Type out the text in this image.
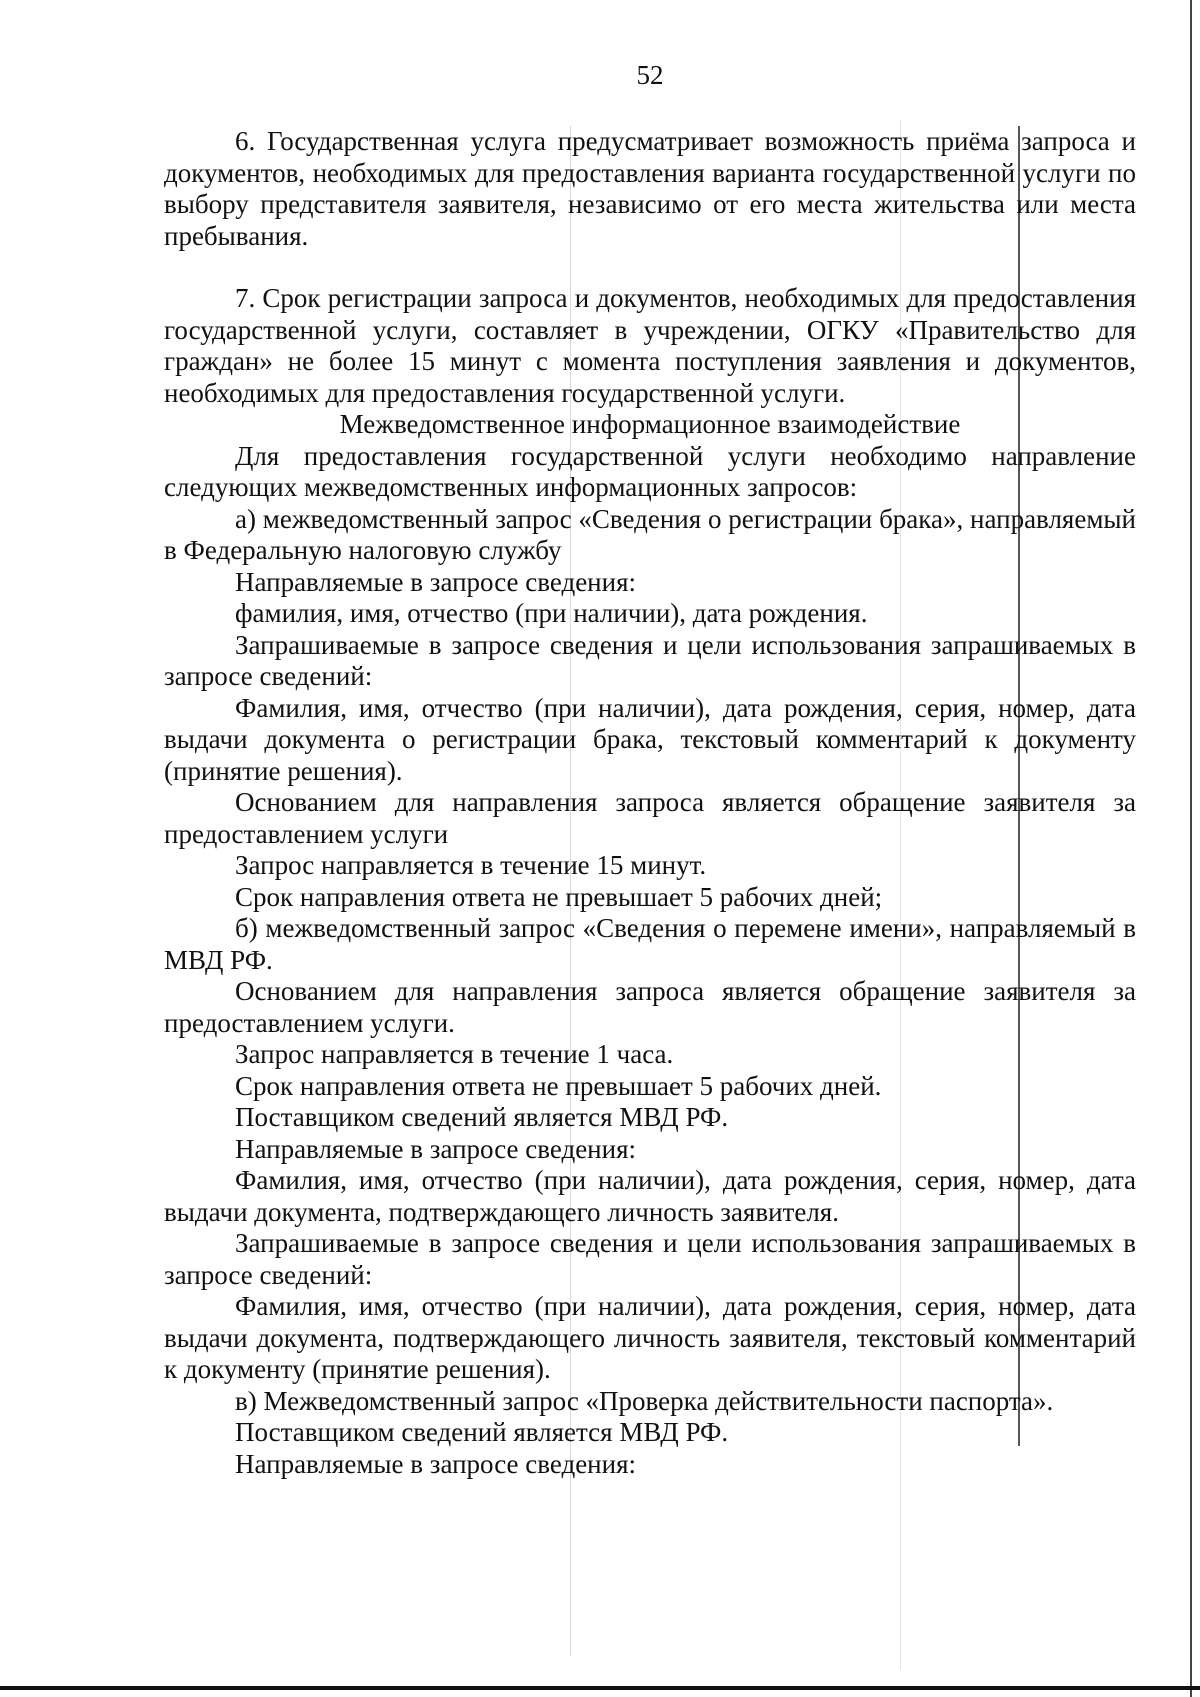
52

6. Государственная услуга предусматривает возможность приёма запроса и документов, необходимых для предоставления варианта государственной услуги по выбору представителя заявителя, независимо от его места жительства или места пребывания.

7. Срок регистрации запроса и документов, необходимых для предоставления государственной услуги, составляет в учреждении, ОГКУ «Правительство для граждан» не более 15 минут с момента поступления заявления и документов, необходимых для предоставления государственной услуги.

Межведомственное информационное взаимодействие

Для предоставления государственной услуги необходимо направление следующих межведомственных информационных запросов:

а) межведомственный запрос «Сведения о регистрации брака», направляемый в Федеральную налоговую службу

Направляемые в запросе сведения:

фамилия, имя, отчество (при наличии), дата рождения.

Запрашиваемые в запросе сведения и цели использования запрашиваемых в запросе сведений:

Фамилия, имя, отчество (при наличии), дата рождения, серия, номер, дата выдачи документа о регистрации брака, текстовый комментарий к документу (принятие решения).

Основанием для направления запроса является обращение заявителя за предоставлением услуги

Запрос направляется в течение 15 минут.

Срок направления ответа не превышает 5 рабочих дней;

б) межведомственный запрос «Сведения о перемене имени», направляемый в МВД РФ.

Основанием для направления запроса является обращение заявителя за предоставлением услуги.

Запрос направляется в течение 1 часа.

Срок направления ответа не превышает 5 рабочих дней.

Поставщиком сведений является МВД РФ.

Направляемые в запросе сведения:

Фамилия, имя, отчество (при наличии), дата рождения, серия, номер, дата выдачи документа, подтверждающего личность заявителя.

Запрашиваемые в запросе сведения и цели использования запрашиваемых в запросе сведений:

Фамилия, имя, отчество (при наличии), дата рождения, серия, номер, дата выдачи документа, подтверждающего личность заявителя, текстовый комментарий к документу (принятие решения).

в) Межведомственный запрос «Проверка действительности паспорта».

Поставщиком сведений является МВД РФ.

Направляемые в запросе сведения:
